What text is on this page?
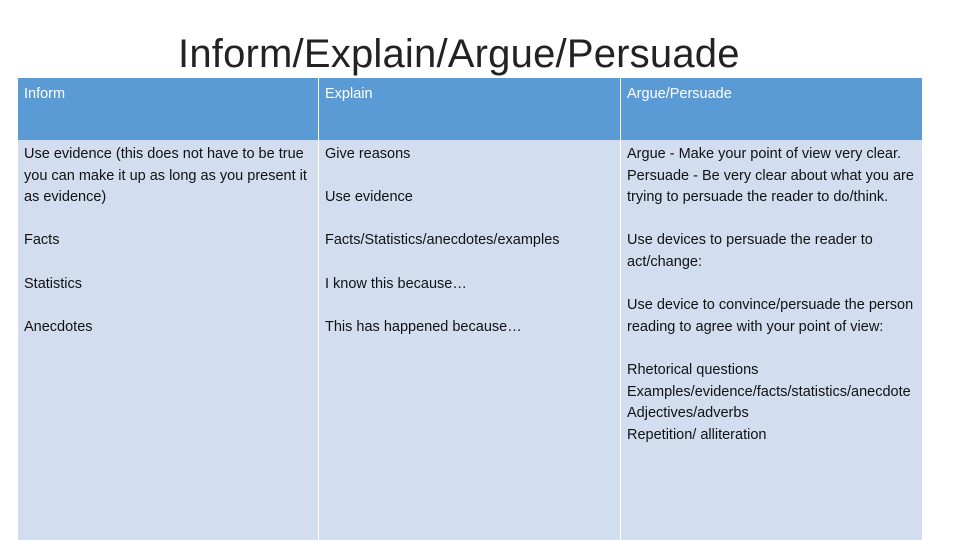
Inform/Explain/Argue/Persuade
Inform	Explain	Argue/Persuade
Use evidence (this does not have to be true you can make it up as long as you present it as evidence)
Facts
Statistics
Anecdotes
Give reasons
Use evidence
Facts/Statistics/anecdotes/examples
I know this because…
This has happened because…
Argue - Make your point of view very clear.
Persuade - Be very clear about what you are trying to persuade the reader to do/think.
Use devices to persuade the reader to act/change:
Use device to convince/persuade the person reading to agree with your point of view:
Rhetorical questions
Examples/evidence/facts/statistics/anecdote
Adjectives/adverbs
Repetition/ alliteration
